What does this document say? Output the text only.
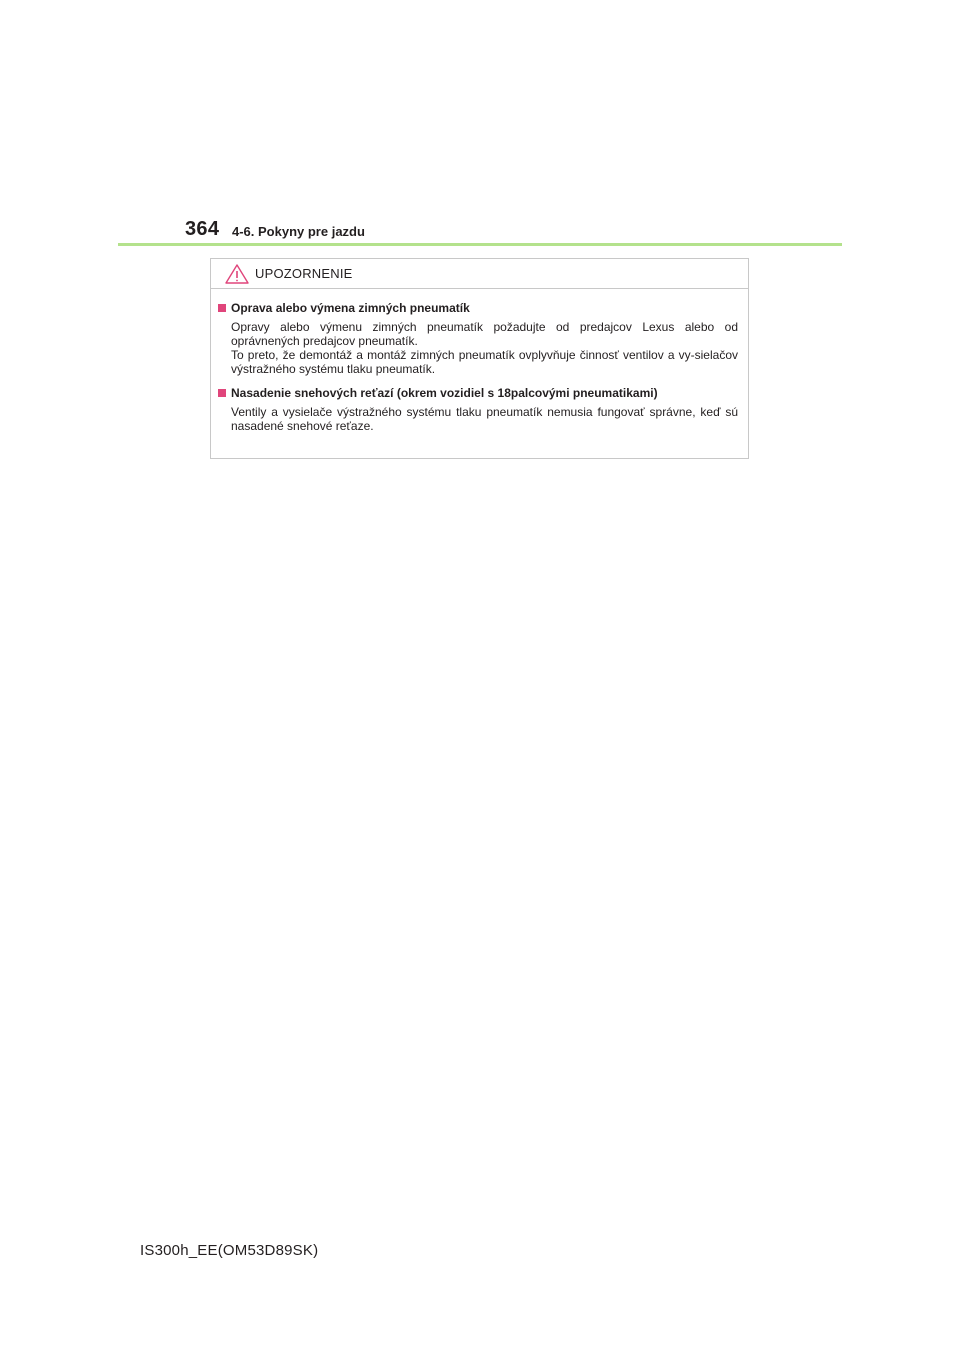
364 4-6. Pokyny pre jazdu
UPOZORNENIE
Oprava alebo výmena zimných pneumatík

Opravy alebo výmenu zimných pneumatík požadujte od predajcov Lexus alebo od oprávnených predajcov pneumatík.

To preto, že demontáž a montáž zimných pneumatík ovplyvňuje činnosť ventilov a vy-sielačov výstražného systému tlaku pneumatík.

Nasadenie snehových reťazí (okrem vozidiel s 18palcovými pneumatikami)

Ventily a vysielače výstražného systému tlaku pneumatík nemusia fungovať správne, keď sú nasadené snehové reťaze.

IS300h_EE(OM53D89SK)
